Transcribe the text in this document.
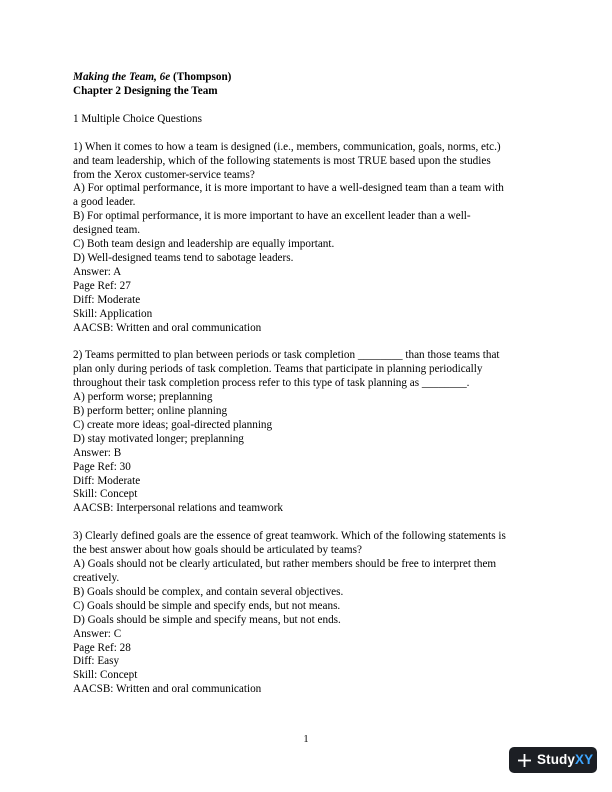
Making the Team, 6e (Thompson)
Chapter 2 Designing the Team
1 Multiple Choice Questions
1) When it comes to how a team is designed (i.e., members, communication, goals, norms, etc.)
and team leadership, which of the following statements is most TRUE based upon the studies
from the Xerox customer-service teams?
A) For optimal performance, it is more important to have a well-designed team than a team with
a good leader.
B) For optimal performance, it is more important to have an excellent leader than a well-
designed team.
C) Both team design and leadership are equally important.
D) Well-designed teams tend to sabotage leaders.
Answer: A
Page Ref: 27
Diff: Moderate
Skill: Application
AACSB: Written and oral communication
2) Teams permitted to plan between periods or task completion ________ than those teams that
plan only during periods of task completion. Teams that participate in planning periodically
throughout their task completion process refer to this type of task planning as ________.
A) perform worse; preplanning
B) perform better; online planning
C) create more ideas; goal-directed planning
D) stay motivated longer; preplanning
Answer: B
Page Ref: 30
Diff: Moderate
Skill: Concept
AACSB: Interpersonal relations and teamwork
3) Clearly defined goals are the essence of great teamwork. Which of the following statements is
the best answer about how goals should be articulated by teams?
A) Goals should not be clearly articulated, but rather members should be free to interpret them
creatively.
B) Goals should be complex, and contain several objectives.
C) Goals should be simple and specify ends, but not means.
D) Goals should be simple and specify means, but not ends.
Answer: C
Page Ref: 28
Diff: Easy
Skill: Concept
AACSB: Written and oral communication
1
StudyXY
